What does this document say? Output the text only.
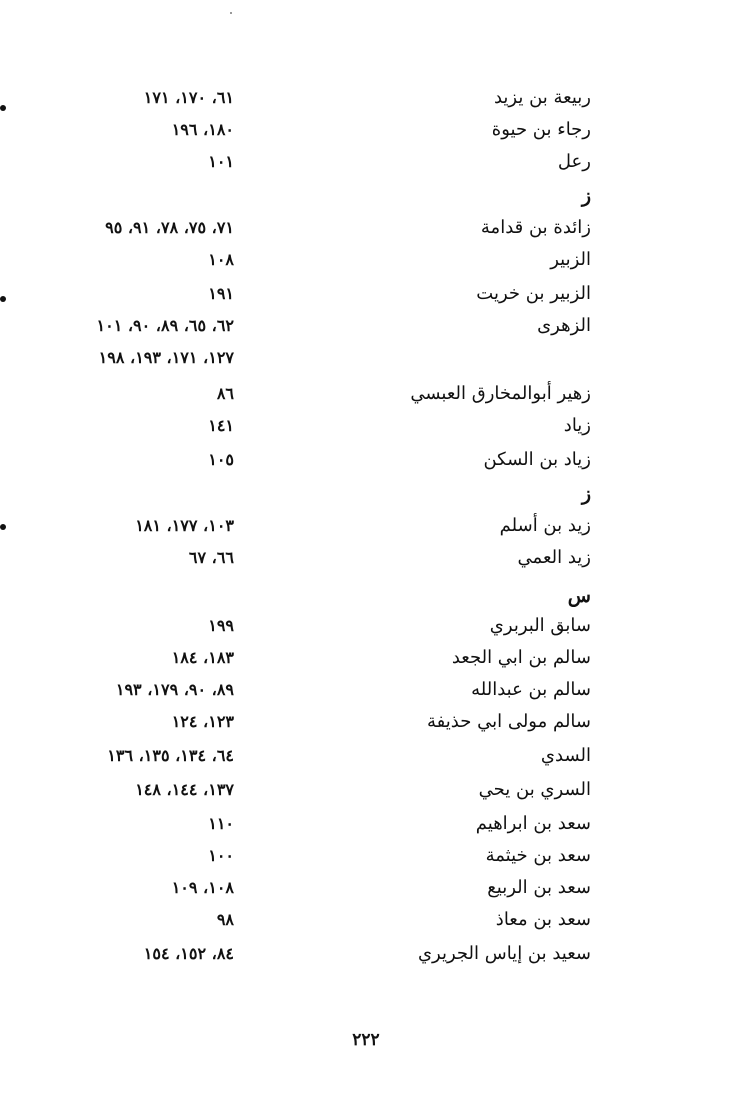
ربيعة بن يزيد
٦١، ١٧٠، ١٧١
رجاء بن حيوة
١٨٠، ١٩٦
رعل
١٠١
ز
زائدة بن قدامة
٧١، ٧٥، ٧٨، ٩١، ٩٥
الزبير
١٠٨
الزبير بن خريت
١٩١
الزهرى
٦٢، ٦٥، ٨٩، ٩٠، ١٠١
١٢٧، ١٧١، ١٩٣، ١٩٨
زهير أبوالمخارق العبسي
٨٦
زياد
١٤١
زياد بن السكن
١٠٥
ز
زيد بن أسلم
١٠٣، ١٧٧، ١٨١
زيد العمي
٦٦، ٦٧
س
سابق البربري
١٩٩
سالم بن ابي الجعد
١٨٣، ١٨٤
سالم بن عبدالله
٨٩، ٩٠، ١٧٩، ١٩٣
سالم مولى ابي حذيفة
١٢٣، ١٢٤
السدي
٦٤، ١٣٤، ١٣٥، ١٣٦
السري بن يحي
١٣٧، ١٤٤، ١٤٨
سعد بن ابراهيم
١١٠
سعد بن خيثمة
١٠٠
سعد بن الربيع
١٠٨، ١٠٩
سعد بن معاذ
٩٨
سعيد بن إياس الجريري
٨٤، ١٥٢، ١٥٤
٢٢٢
